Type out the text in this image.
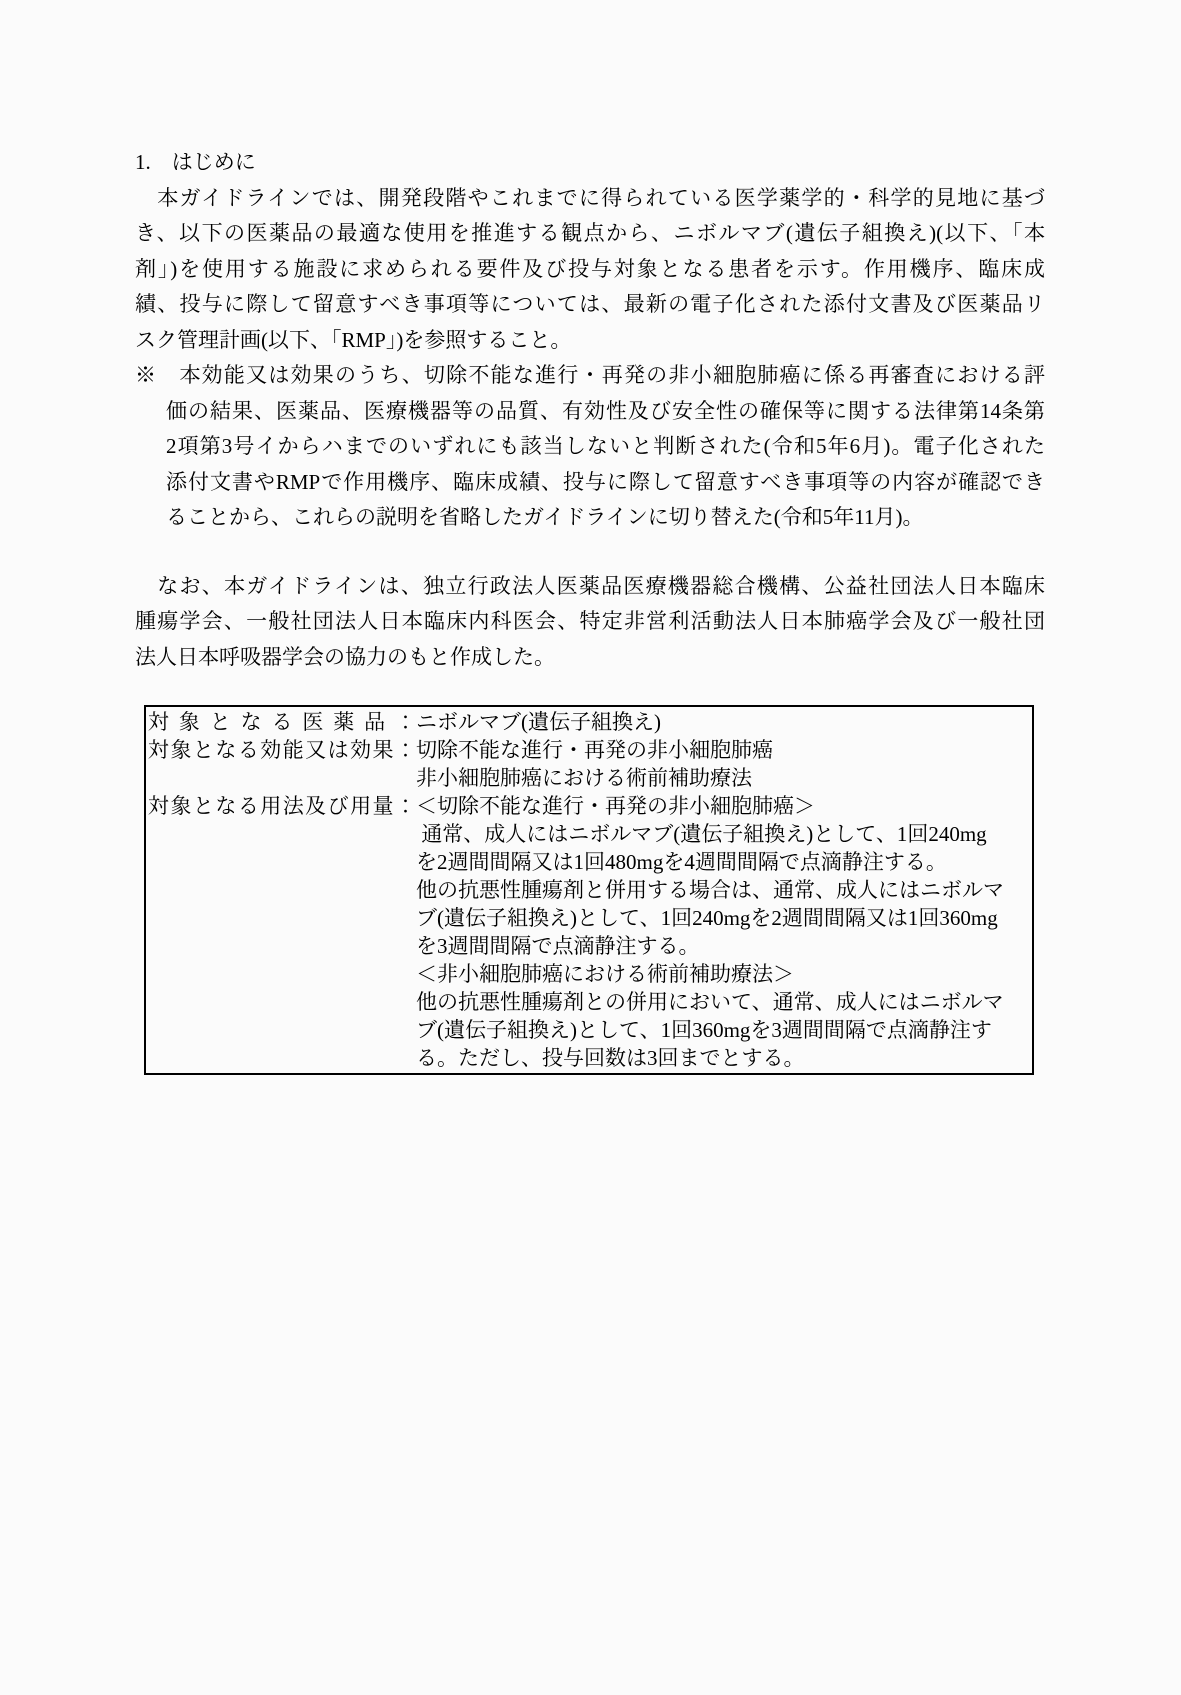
1.　はじめに
　本ガイドラインでは、開発段階やこれまでに得られている医学薬学的・科学的見地に基づ
き、以下の医薬品の最適な使用を推進する観点から、ニボルマブ(遺伝子組換え)(以下、「本
剤」)を使用する施設に求められる要件及び投与対象となる患者を示す。作用機序、臨床成
績、投与に際して留意すべき事項等については、最新の電子化された添付文書及び医薬品リ
スク管理計画(以下、「RMP」)を参照すること。
※　本効能又は効果のうち、切除不能な進行・再発の非小細胞肺癌に係る再審査における評
価の結果、医薬品、医療機器等の品質、有効性及び安全性の確保等に関する法律第14条第
2項第3号イからハまでのいずれにも該当しないと判断された(令和5年6月)。電子化された
添付文書やRMPで作用機序、臨床成績、投与に際して留意すべき事項等の内容が確認でき
ることから、これらの説明を省略したガイドラインに切り替えた(令和5年11月)。
　なお、本ガイドラインは、独立行政法人医薬品医療機器総合機構、公益社団法人日本臨床
腫瘍学会、一般社団法人日本臨床内科医会、特定非営利活動法人日本肺癌学会及び一般社団
法人日本呼吸器学会の協力のもと作成した。
対象となる医薬品： ニボルマブ(遺伝子組換え)
対象となる効能又は効果： 切除不能な進行・再発の非小細胞肺癌
非小細胞肺癌における術前補助療法
対象となる用法及び用量： ＜切除不能な進行・再発の非小細胞肺癌＞
通常、成人にはニボルマブ(遺伝子組換え)として、1回240mg
を2週間間隔又は1回480mgを4週間間隔で点滴静注する。
他の抗悪性腫瘍剤と併用する場合は、通常、成人にはニボルマ
ブ(遺伝子組換え)として、1回240mgを2週間間隔又は1回360mg
を3週間間隔で点滴静注する。
＜非小細胞肺癌における術前補助療法＞
他の抗悪性腫瘍剤との併用において、通常、成人にはニボルマ
ブ(遺伝子組換え)として、1回360mgを3週間間隔で点滴静注す
る。ただし、投与回数は3回までとする。
